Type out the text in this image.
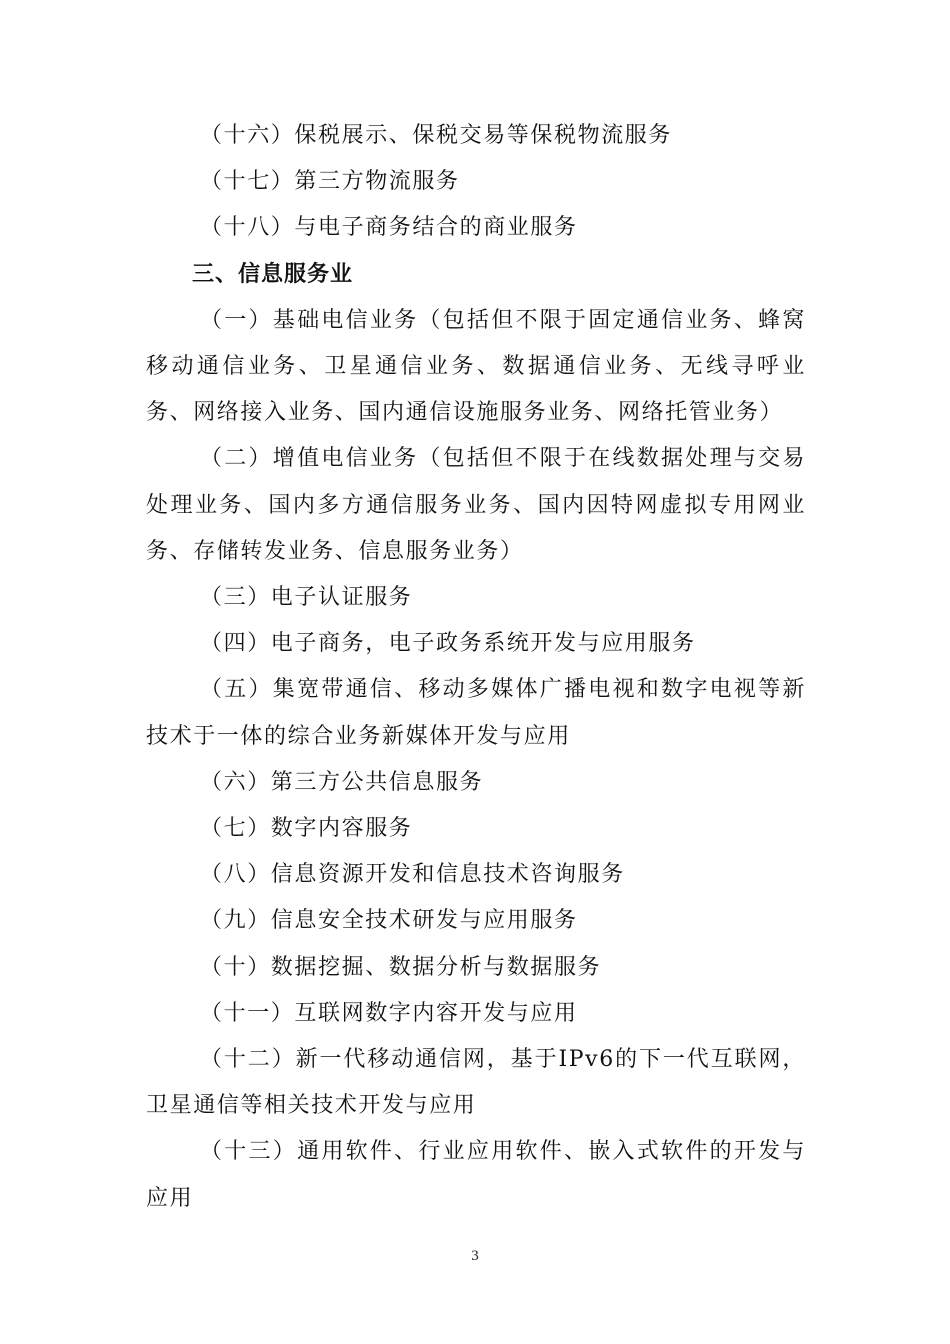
（十六）保税展示、保税交易等保税物流服务

（十七）第三方物流服务

（十八）与电子商务结合的商业服务

三、信息服务业

（一）基础电信业务（包括但不限于固定通信业务、蜂窝移动通信业务、卫星通信业务、数据通信业务、无线寻呼业务、网络接入业务、国内通信设施服务业务、网络托管业务）

（二）增值电信业务（包括但不限于在线数据处理与交易处理业务、国内多方通信服务业务、国内因特网虚拟专用网业务、存储转发业务、信息服务业务）

（三）电子认证服务

（四）电子商务，电子政务系统开发与应用服务

（五）集宽带通信、移动多媒体广播电视和数字电视等新技术于一体的综合业务新媒体开发与应用

（六）第三方公共信息服务

（七）数字内容服务

（八）信息资源开发和信息技术咨询服务

（九）信息安全技术研发与应用服务

（十）数据挖掘、数据分析与数据服务

（十一）互联网数字内容开发与应用

（十二）新一代移动通信网，基于IPv6的下一代互联网，卫星通信等相关技术开发与应用

（十三）通用软件、行业应用软件、嵌入式软件的开发与应用

3
